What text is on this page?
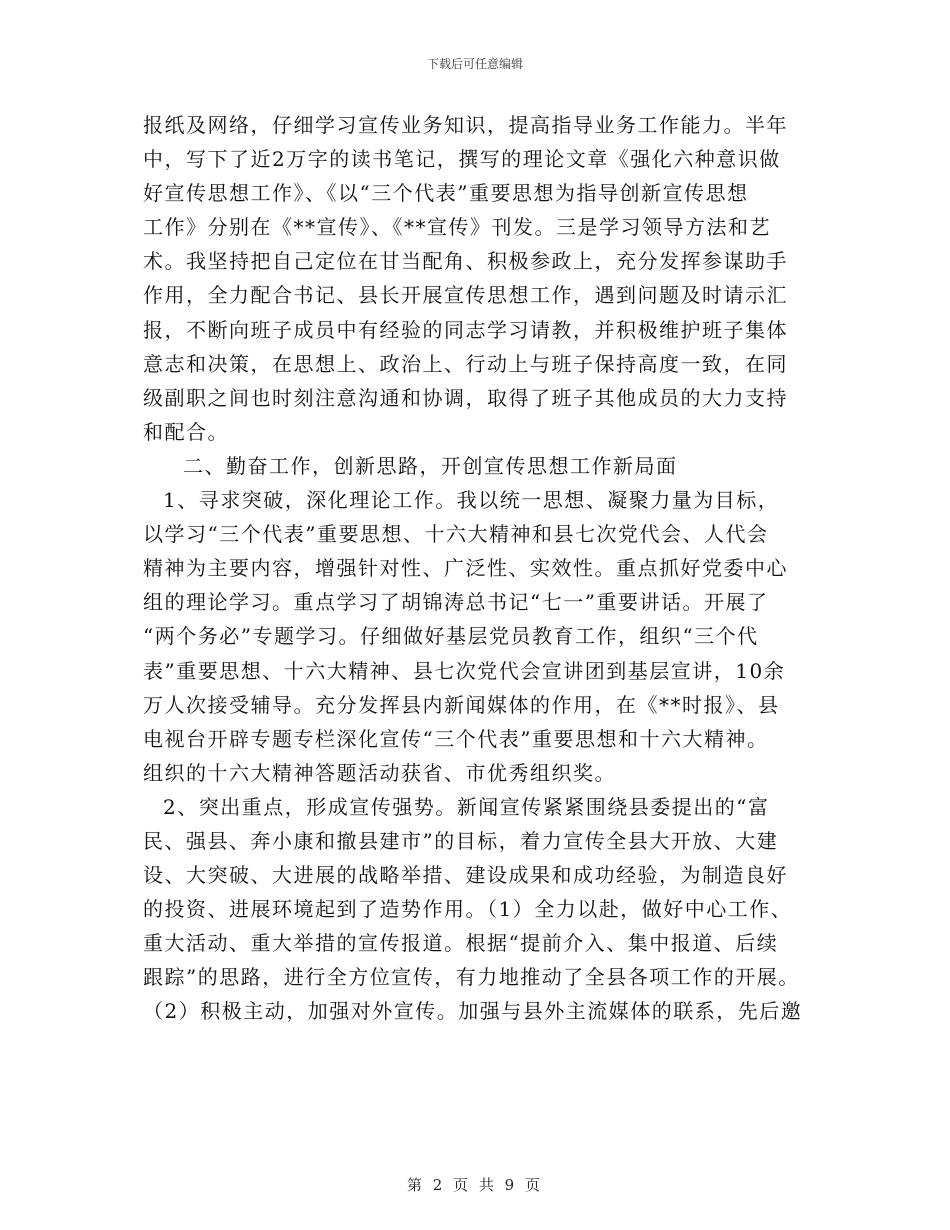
下载后可任意编辑
报纸及网络，仔细学习宣传业务知识，提高指导业务工作能力。半年
中，写下了近2万字的读书笔记，撰写的理论文章《强化六种意识做
好宣传思想工作》、《以“三个代表”重要思想为指导创新宣传思想
工作》分别在《**宣传》、《**宣传》刊发。三是学习领导方法和艺
术。我坚持把自己定位在甘当配角、积极参政上，充分发挥参谋助手
作用，全力配合书记、县长开展宣传思想工作，遇到问题及时请示汇
报，不断向班子成员中有经验的同志学习请教，并积极维护班子集体
意志和决策，在思想上、政治上、行动上与班子保持高度一致，在同
级副职之间也时刻注意沟通和协调，取得了班子其他成员的大力支持
和配合。
二、勤奋工作，创新思路，开创宣传思想工作新局面
1、寻求突破，深化理论工作。我以统一思想、凝聚力量为目标，
以学习“三个代表”重要思想、十六大精神和县七次党代会、人代会
精神为主要内容，增强针对性、广泛性、实效性。重点抓好党委中心
组的理论学习。重点学习了胡锦涛总书记“七一”重要讲话。开展了
“两个务必”专题学习。仔细做好基层党员教育工作，组织“三个代
表”重要思想、十六大精神、县七次党代会宣讲团到基层宣讲，10余
万人次接受辅导。充分发挥县内新闻媒体的作用，在《**时报》、县
电视台开辟专题专栏深化宣传“三个代表”重要思想和十六大精神。
组织的十六大精神答题活动获省、市优秀组织奖。
2、突出重点，形成宣传强势。新闻宣传紧紧围绕县委提出的“富
民、强县、奔小康和撤县建市”的目标，着力宣传全县大开放、大建
设、大突破、大进展的战略举措、建设成果和成功经验，为制造良好
的投资、进展环境起到了造势作用。（1）全力以赴，做好中心工作、
重大活动、重大举措的宣传报道。根据“提前介入、集中报道、后续
跟踪”的思路，进行全方位宣传，有力地推动了全县各项工作的开展。
（2）积极主动，加强对外宣传。加强与县外主流媒体的联系，先后邀
第 2 页 共 9 页
